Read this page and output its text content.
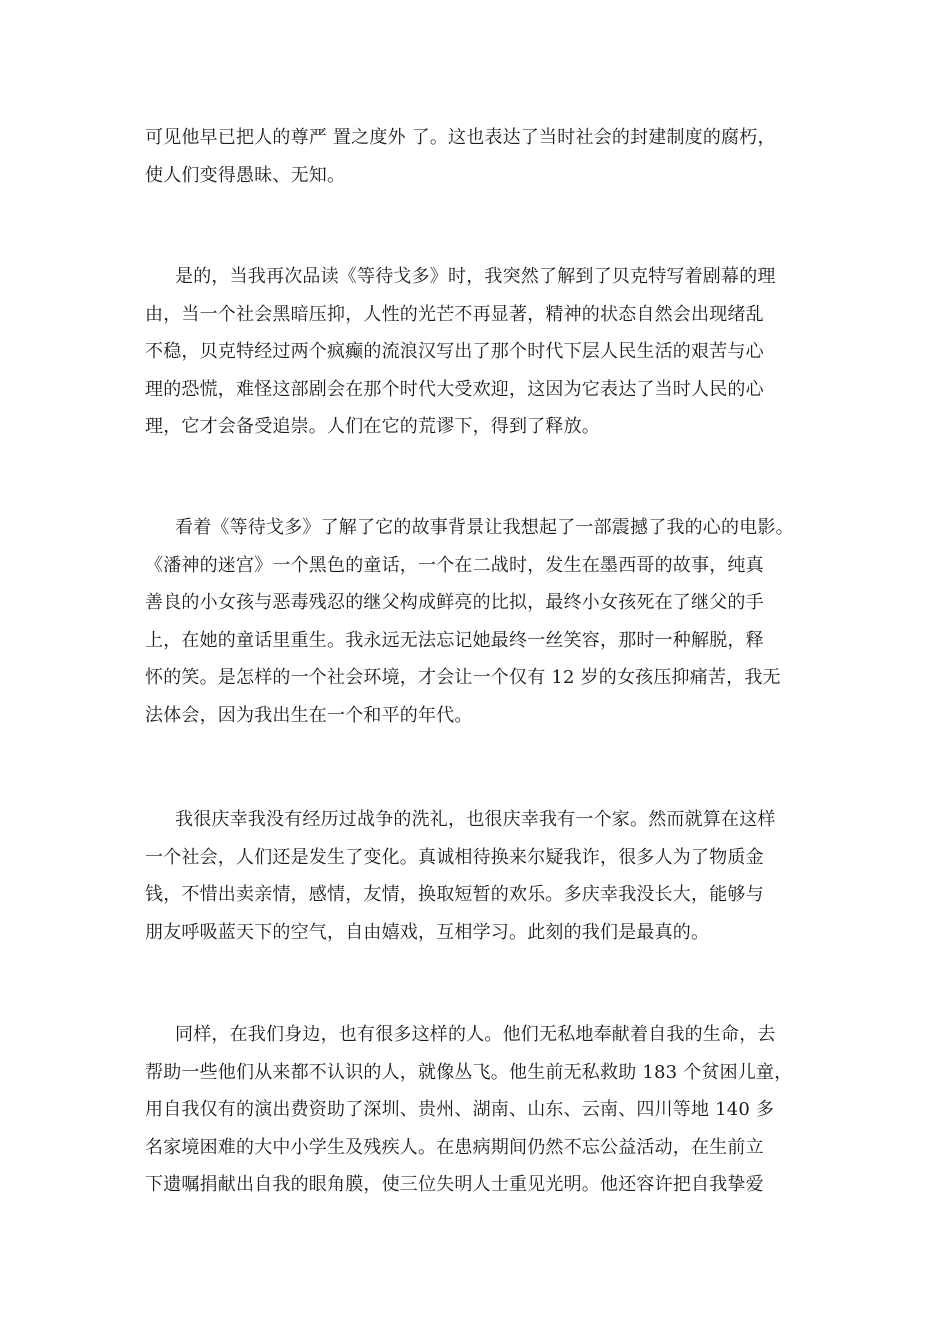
可见他早已把人的尊严 置之度外 了。这也表达了当时社会的封建制度的腐朽，
使人们变得愚昧、无知。
是的，当我再次品读《等待戈多》时，我突然了解到了贝克特写着剧幕的理
由，当一个社会黑暗压抑，人性的光芒不再显著，精神的状态自然会出现绪乱
不稳，贝克特经过两个疯癫的流浪汉写出了那个时代下层人民生活的艰苦与心
理的恐慌，难怪这部剧会在那个时代大受欢迎，这因为它表达了当时人民的心
理，它才会备受追崇。人们在它的荒谬下，得到了释放。
看着《等待戈多》了解了它的故事背景让我想起了一部震撼了我的心的电影。
《潘神的迷宫》一个黑色的童话，一个在二战时，发生在墨西哥的故事，纯真
善良的小女孩与恶毒残忍的继父构成鲜亮的比拟，最终小女孩死在了继父的手
上，在她的童话里重生。我永远无法忘记她最终一丝笑容，那时一种解脱，释
怀的笑。是怎样的一个社会环境，才会让一个仅有 12 岁的女孩压抑痛苦，我无
法体会，因为我出生在一个和平的年代。
我很庆幸我没有经历过战争的洗礼，也很庆幸我有一个家。然而就算在这样
一个社会，人们还是发生了变化。真诚相待换来尔疑我诈，很多人为了物质金
钱，不惜出卖亲情，感情，友情，换取短暂的欢乐。多庆幸我没长大，能够与
朋友呼吸蓝天下的空气，自由嬉戏，互相学习。此刻的我们是最真的。
同样，在我们身边，也有很多这样的人。他们无私地奉献着自我的生命，去
帮助一些他们从来都不认识的人，就像丛飞。他生前无私救助 183 个贫困儿童，
用自我仅有的演出费资助了深圳、贵州、湖南、山东、云南、四川等地 140 多
名家境困难的大中小学生及残疾人。在患病期间仍然不忘公益活动，在生前立
下遗嘱捐献出自我的眼角膜，使三位失明人士重见光明。他还容许把自我挚爱
